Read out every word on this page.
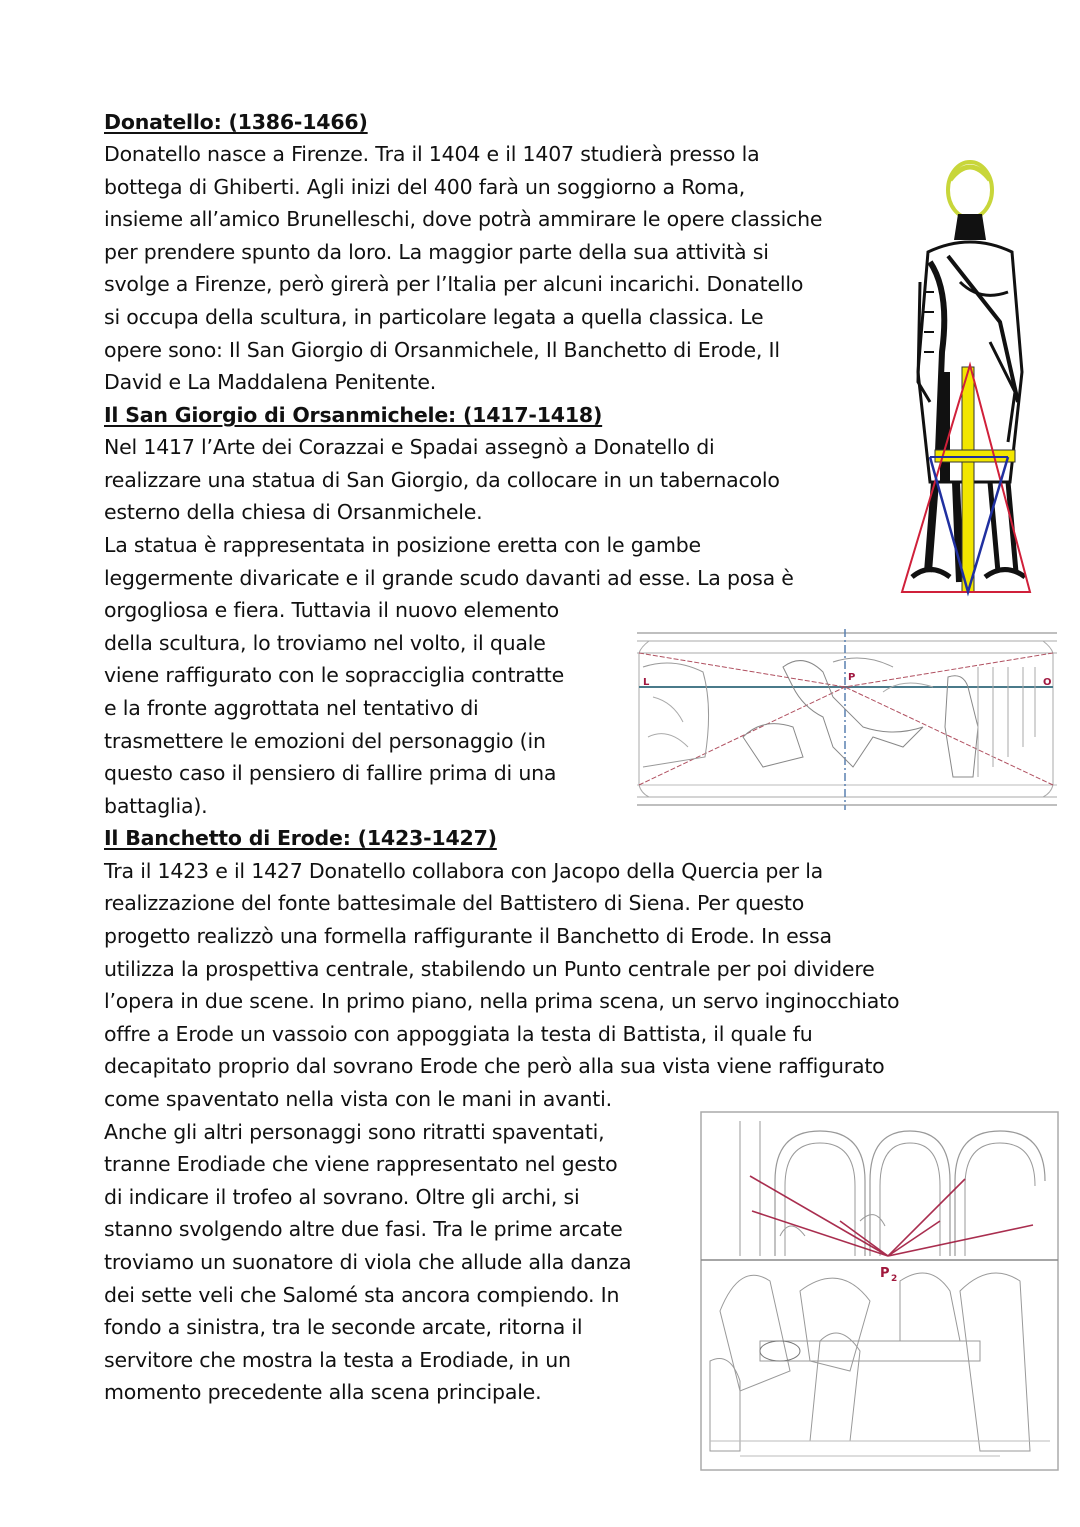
Donatello: (1386-1466)
Donatello nasce a Firenze. Tra il 1404 e il 1407 studierà presso la
bottega di Ghiberti. Agli inizi del 400 farà un soggiorno a Roma,
insieme all’amico Brunelleschi, dove potrà ammirare le opere classiche
per prendere spunto da loro. La maggior parte della sua attività si
svolge a Firenze, però girerà per l’Italia per alcuni incarichi. Donatello
si occupa della scultura, in particolare legata a quella classica. Le
opere sono: Il San Giorgio di Orsanmichele, Il Banchetto di Erode, Il
David e La Maddalena Penitente.
Il San Giorgio di Orsanmichele: (1417-1418)
Nel 1417 l’Arte dei Corazzai e Spadai assegnò a Donatello di
realizzare una statua di San Giorgio, da collocare in un tabernacolo
esterno della chiesa di Orsanmichele.
La statua è rappresentata in posizione eretta con le gambe
leggermente divaricate e il grande scudo davanti ad esse. La posa è
orgogliosa e fiera. Tuttavia il nuovo elemento
della scultura, lo troviamo nel volto, il quale
viene raffigurato con le sopracciglia contratte
e la fronte aggrottata nel tentativo di
trasmettere le emozioni del personaggio (in
questo caso il pensiero di fallire prima di una
battaglia).
Il Banchetto di Erode: (1423-1427)
Tra il 1423 e il 1427 Donatello collabora con Jacopo della Quercia per la
realizzazione del fonte battesimale del Battistero di Siena. Per questo
progetto realizzò una formella raffigurante il Banchetto di Erode. In essa
utilizza la prospettiva centrale, stabilendo un Punto centrale per poi dividere
l’opera in due scene. In primo piano, nella prima scena, un servo inginocchiato
offre a Erode un vassoio con appoggiata la testa di Battista, il quale fu
decapitato proprio dal sovrano Erode che però alla sua vista viene raffigurato
come spaventato nella vista con le mani in avanti.
Anche gli altri personaggi sono ritratti spaventati,
tranne Erodiade che viene rappresentato nel gesto
di indicare il trofeo al sovrano. Oltre gli archi, si
stanno svolgendo altre due fasi. Tra le prime arcate
troviamo un suonatore di viola che allude alla danza
dei sette veli che Salomé sta ancora compiendo. In
fondo a sinistra, tra le seconde arcate, ritorna il
servitore che mostra la testa a Erodiade, in un
momento precedente alla scena principale.
L	P	O
P 2
